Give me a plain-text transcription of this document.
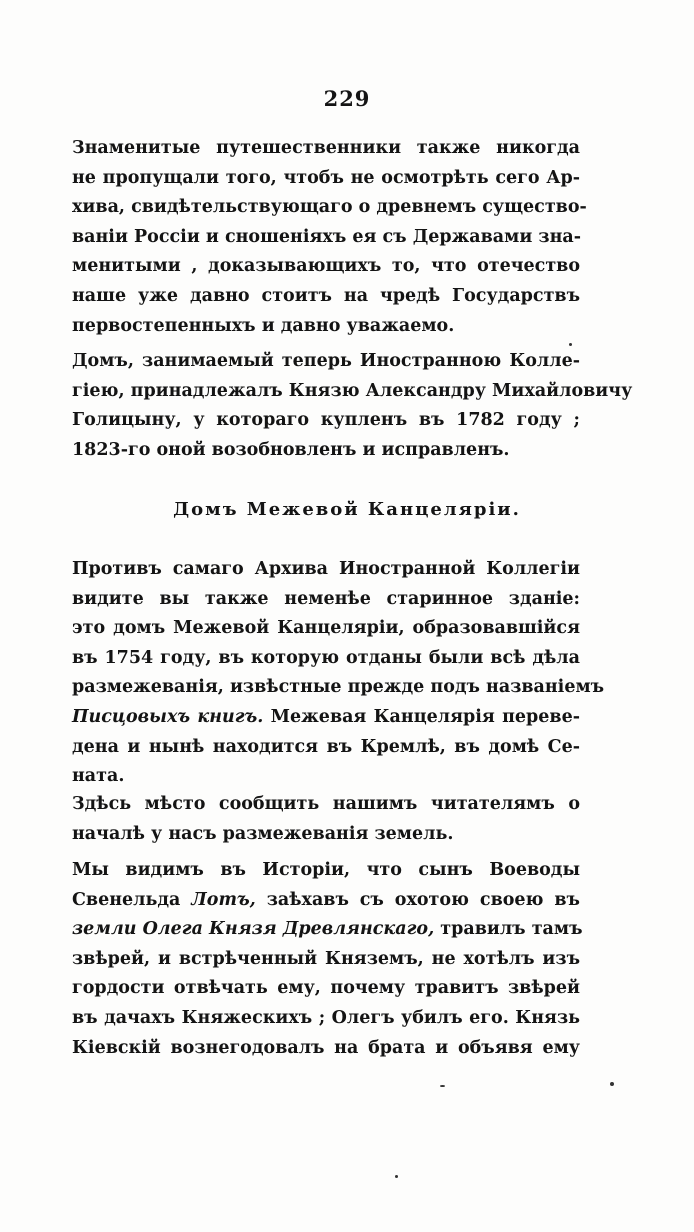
229
Знаменитые путешественники также никогда
не пропущали того, чтобъ не осмотрѣть сего Ар-
хива, свидѣтельствующаго о древнемъ существо-
ваніи Россіи и сношеніяхъ ея съ Державами зна-
менитыми , доказывающихъ то, что отечество
наше уже давно стоитъ на чредѣ Государствъ
первостепенныхъ и давно уважаемо.
Домъ, занимаемый теперь Иностранною Колле-
гіею, принадлежалъ Князю Александру Михайловичу
Голицыну, у котораго купленъ въ 1782 году ;
1823-го оной возобновленъ и исправленъ.
Домъ Межевой Канцеляріи.
Противъ самаго Архива Иностранной Коллегіи
видите вы также неменѣе старинное зданіе:
это домъ Межевой Канцеляріи, образовавшійся
въ 1754 году, въ которую отданы были всѣ дѣла
размежеванія, извѣстные прежде подъ названіемъ
Писцовыхъ книгъ. Межевая Канцелярія переве-
дена и нынѣ находится въ Кремлѣ, въ домѣ Се-
ната.
Здѣсь мѣсто сообщить нашимъ читателямъ о
началѣ у насъ размежеванія земель.
Мы видимъ въ Исторіи, что сынъ Воеводы
Свенельда Лотъ, заѣхавъ съ охотою своею въ
земли Олега Князя Древлянскаго, травилъ тамъ
звѣрей, и встрѣченный Княземъ, не хотѣлъ изъ
гордости отвѣчать ему, почему травитъ звѣрей
въ дачахъ Княжескихъ ; Олегъ убилъ его. Князь
Кіевскій вознегодовалъ на брата и объявя ему
